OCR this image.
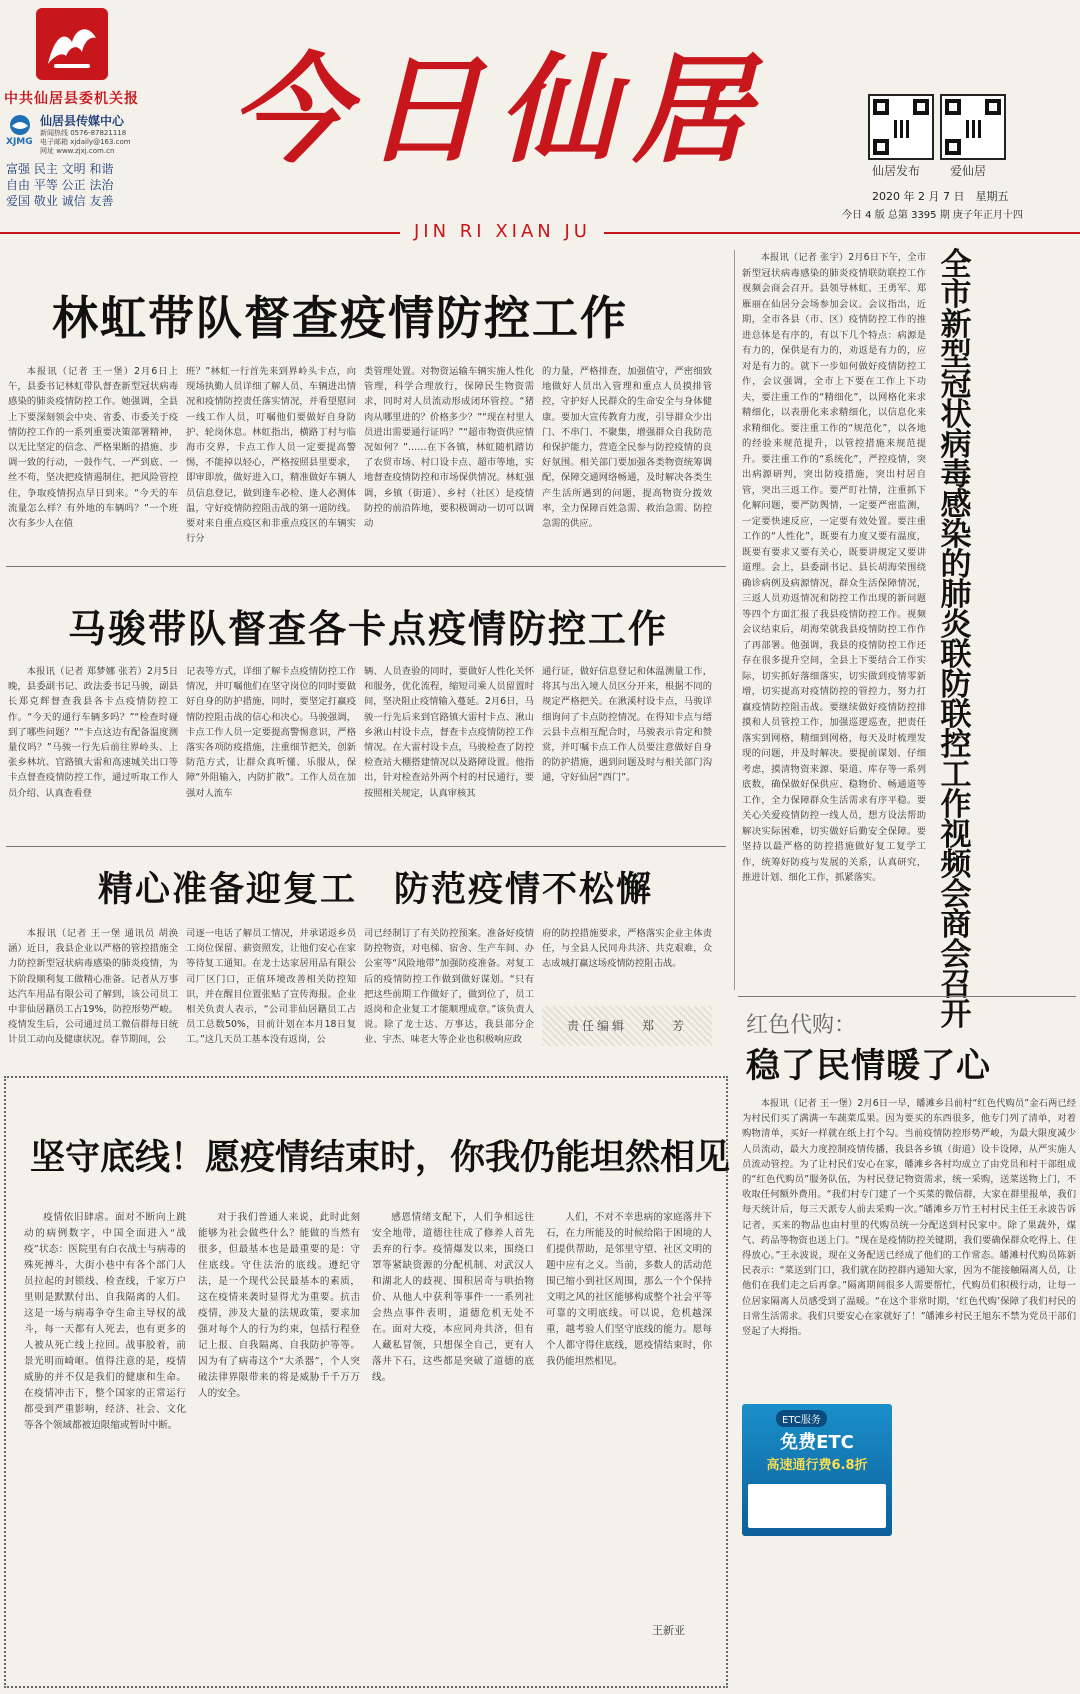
中共仙居县委机关报
XJMG
仙居县传媒中心
新闻热线 0576-87821118
电子邮箱 xjdaily@163.com
网址 www.zjxj.com.cn
富强 民主 文明 和谐
自由 平等 公正 法治
爱国 敬业 诚信 友善
今日仙居	仙居发布 爱仙居
2020 年 2 月 7 日　星期五
今日 4 版 总第 3395 期 庚子年正月十四
JIN RI XIAN JU
林虹带队督查疫情防控工作

本报讯（记者 王一堡）2月6日上午，县委书记林虹带队督查新型冠状病毒感染的肺炎疫情防控工作。她强调，全县上下要深刻领会中央、省委、市委关于疫情防控工作的一系列重要决策部署精神，以无比坚定的信念、严格果断的措施、步调一致的行动，一鼓作气、一严到底、一丝不苟，坚决把疫情遏制住，把风险管控住，争取疫情拐点早日到来。“今天的车流量怎么样？有外地的车辆吗？”一个班次有多少人在值

班？”林虹一行首先来到界岭头卡点，向现场执勤人员详细了解人员、车辆进出情况和疫情防控责任落实情况，并看望慰问一线工作人员，叮嘱他们要做好自身防护、轮岗休息。林虹指出，横路丁村与临海市交界，卡点工作人员一定要提高警惕，不能掉以轻心，严格按照县里要求，即审即放，做好进入口，精准做好车辆人员信息登记，做到逢车必检、逢人必测体温，守好疫情防控阻击战的第一道防线。要对来自重点疫区和非重点疫区的车辆实行分

类管理处置。对物资运输车辆实施人性化管理，科学合理放行，保障民生物资需求，同时对人员流动形成闭环管控。“猪肉从哪里进的？价格多少？”“现在村里人员进出需要通行证吗？”“超市物资供应情况如何？”……在下各镇，林虹随机踏访了农贸市场、村口设卡点、超市等地，实地督查疫情防控和市场保供情况。林虹强调，乡镇（街道）、乡村（社区）是疫情防控的前沿阵地，要积极调动一切可以调动

的力量，严格排查，加强值守，严密细致地做好人员出入管理和重点人员摸排管控，守护好人民群众的生命安全与身体健康。要加大宣传教育力度，引导群众少出门、不串门、不聚集，增强群众自我防范和保护能力，营造全民参与防控疫情的良好氛围。相关部门要加强各类物资统筹调配，保障交通网络畅通，及时解决各类生产生活所遇到的问题，提高物资分拨效率，全力保障百姓急需、救治急需、防控急需的供应。

马骏带队督查各卡点疫情防控工作

本报讯（记者 郑梦娜 张若）2月5日晚，县委副书记、政法委书记马骏，副县长郑克辉督查我县各卡点疫情防控工作。“今天的通行车辆多吗？”“检查时碰到了哪些问题？”“卡点这边有配备温度测量仪吗？”马骏一行先后前往界岭头、上张乡林坑、官路镇大雷和高速城关出口等卡点督查疫情防控工作，通过听取工作人员介绍、认真查看登

记表等方式，详细了解卡点疫情防控工作情况，并叮嘱他们在坚守岗位的同时要做好自身的防护措施，同时，要坚定打赢疫情防控阻击战的信心和决心。马骏强调，卡点工作人员一定要提高警惕意识，严格落实各项防疫措施，注重细节把关，创新防范方式，让群众真听懂、乐服从，保障“外阻输入，内防扩散”。工作人员在加强对人流车

辆、人员查验的同时，要做好人性化关怀和服务，优化流程，缩短司乘人员留置时间，坚决阻止疫情输入蔓延。2月6日，马骏一行先后来到官路镇大雷村卡点、湫山乡湫山村设卡点，督查卡点疫情防控工作情况。在大雷村设卡点，马骏检查了防控检查站大棚搭建情况以及路障设置。他指出，针对检查站外两个村的村民通行，要按照相关规定，认真审核其

通行证，做好信息登记和体温测量工作，将其与出入境人员区分开来，根据不同的规定严格把关。在湫溪村设卡点，马骏详细询问了卡点防控情况。在得知卡点与缙云县卡点相互配合时，马骏表示肯定和赞赏，并叮嘱卡点工作人员要注意做好自身的防护措施，遇到问题及时与相关部门沟通，守好仙居“西门”。

精心准备迎复工　防范疫情不松懈

本报讯（记者 王一堡 通讯员 胡涣涵）近日，我县企业以严格的管控措施全力防控新型冠状病毒感染的肺炎疫情，为下阶段顺利复工做精心准备。记者从万事达汽车用品有限公司了解到，该公司员工中非仙居籍员工占19%，防控形势严峻。疫情发生后，公司通过员工微信群每日统计员工动向及健康状况。春节期间，公

司逐一电话了解员工情况，并承诺返乡员工岗位保留、薪资照发，让他们安心在家等待复工通知。在龙士达家居用品有限公司厂区门口，正值环境改善相关防控知识，并在醒目位置张贴了宣传海报。企业相关负责人表示，“公司非仙居籍员工占员工总数50%，目前计划在本月18日复工。”这几天员工基本没有返岗，公

司已经制订了有关防控预案。准备好疫情防控物资，对电梯、宿舍、生产车间、办公室等“风险地带”加强防疫准备。对复工后的疫情防控工作做到做好谋划。“只有把这些前期工作做好了，做到位了，员工返岗和企业复工才能顺理成章。”该负责人说。除了龙士达、万事达，我县部分企业、宇杰、味老大等企业也积极响应政

府的防控措施要求，严格落实企业主体责任，与全县人民同舟共济、共克艰难，众志成城打赢这场疫情防控阻击战。

责任编辑　郑　芳
坚守底线！愿疫情结束时，你我仍能坦然相见

疫情依旧肆虐。面对不断向上跳动的病例数字，中国全面进入“战疫”状态：医院里有白衣战士与病毒的殊死搏斗，大街小巷中有各个部门人员拉起的封锁线、检查线，千家万户里则是默默付出、自我隔离的人们。这是一场与病毒争夺生命主导权的战斗，每一天都有人死去，也有更多的人被从死亡线上拉回。战事胶着，前景光明而崎岖。值得注意的是，疫情威胁的并不仅是我们的健康和生命。在疫情冲击下，整个国家的正常运行都受到严重影响，经济、社会、文化等各个领域都被迫限缩或暂时中断。

对于我们普通人来说，此时此刻能够为社会做些什么？能做的当然有很多，但最基本也是最重要的是：守住底线。守住法治的底线。遵纪守法，是一个现代公民最基本的素质，这在疫情来袭时显得尤为重要。抗击疫情，涉及大量的法规政策，要求加强对每个人的行为约束，包括行程登记上报、自我隔离、自我防护等等。因为有了病毒这个“大杀器”，个人突破法律界限带来的将是威胁千千万万人的安全。

感恩情绪支配下，人们争相远往安全地带，道德往往成了修养人首先丢弃的行李。疫情爆发以来，围绕口罩等紧缺资源的分配机制、对武汉人和湖北人的歧视、围积居奇与哄抬物价、从他人中获利等事件一一系列社会热点事件表明，道德危机无处不在。面对大疫，本应同舟共济，但有人藏私冒领，只想保全自己，更有人落井下石，这些都是突破了道德的底线。

人们，不对不幸患病的家庭落井下石，在力所能及的时候给陷于困境的人们提供帮助，是邻里守望、社区文明的题中应有之义。当前，多数人的活动范围已缩小到社区周围，那么一个个保持文明之风的社区能够构成整个社会平等可靠的文明底线。可以说，危机越深重，越考验人们坚守底线的能力。愿每个人都守得住底线，愿疫情结束时，你我仍能坦然相见。

王新亚
全
市
新
型
冠
状
病
毒
感
染
的
肺
炎
联
防
联
控
工
作
视
频
会
商
会
召
开

本报讯（记者 张宇）2月6日下午，全市新型冠状病毒感染的肺炎疫情联防联控工作视频会商会召开。县领导林虹、王勇军、郑雁丽在仙居分会场参加会议。会议指出，近期，全市各县（市、区）疫情防控工作的推进总体是有序的，有以下几个特点：病源是有力的，保供是有力的，劝返是有力的，应对是有力的。就下一步如何做好疫情防控工作，会议强调，全市上下要在工作上下功夫，要注重工作的“精细化”，以网格化来求精细化，以表册化来求精细化，以信息化来求精细化。要注重工作的“规范化”，以各地的经验来规范提升，以管控措施来规范提升。要注重工作的“系统化”，严控疫情，突出病源研判，突出防疫措施，突出村居自管，突出三返工作。要严盯社情，注重抓下化解问题，要严防舆情，一定要严密监测，一定要快速反应，一定要有效处置。要注重工作的“人性化”，既要有力度又要有温度，既要有要求又要有关心，既要讲规定又要讲道理。会上，县委副书记、县长胡海荣围绕确诊病例及病源情况，群众生活保障情况，三返人员劝返情况和防控工作出现的新问题等四个方面汇报了我县疫情防控工作。视频会议结束后，胡海荣就我县疫情防控工作作了再部署。他强调，我县的疫情防控工作还存在很多提升空间，全县上下要结合工作实际，切实抓好落细落实，切实做到疫情零新增，切实提高对疫情防控的管控力，努力打赢疫情防控阻击战。要继续做好疫情防控排摸和人员管控工作，加强巡逻巡查，把责任落实到网格，精细到网格，每天及时梳理发现的问题，并及时解决。要提前谋划、仔细考虑，摸清物资来源、渠道、库存等一系列底数，确保做好保供应、稳物价、畅通道等工作，全力保障群众生活需求有序平稳。要关心关爱疫情防控一线人员，想方设法帮助解决实际困难，切实做好后勤安全保障。要坚持以最严格的防控措施做好复工复学工作，统筹好防疫与发展的关系，认真研究，推进计划、细化工作，抓紧落实。

红色代购：
稳了民情暖了心

本报讯（记者 王一堡）2月6日一早，皤滩乡吕前村“红色代购员”金石两已经为村民们买了满满一车蔬菜瓜果。因为要买的东西很多，他专门列了清单，对着购物清单，买好一样就在纸上打个勾。当前疫情防控形势严峻，为最大限度减少人员流动，最大力度控制疫情传播，我县各乡镇（街道）设卡设障，从严实施人员流动管控。为了让村民们安心在家，皤滩乡各村均成立了由党员和村干部组成的“红色代购员”服务队伍，为村民登记物资需求，统一采购，送菜送物上门，不收取任何额外费用。“我们村专门建了一个买菜的微信群，大家在群里报单，我们每天统计后，每三天派专人前去采购一次。”皤滩乡万竹王村村民主任王永波告诉记者，买来的物品也由村里的代购员统一分配送到村民家中。除了果蔬外，煤气、药品等物资也送上门。“现在是疫情防控关键期，我们要确保群众吃得上、住得放心。”王永波说，现在义务配送已经成了他们的工作常态。皤滩村代购员陈新民表示：“菜送到门口，我们就在防控群内通知大家，因为不能接触隔离人员，让他们在我们走之后再拿。”隔离期间很多人需要帮忙，代购员们积极行动，让每一位居家隔离人员感受到了温暖。“在这个非常时期，‘红色代购’保障了我们村民的日常生活需求。我们只要安心在家就好了！”皤滩乡村民王旭东不禁为党员干部们竖起了大拇指。

ETC服务
免费ETC
高速通行费6.8折
